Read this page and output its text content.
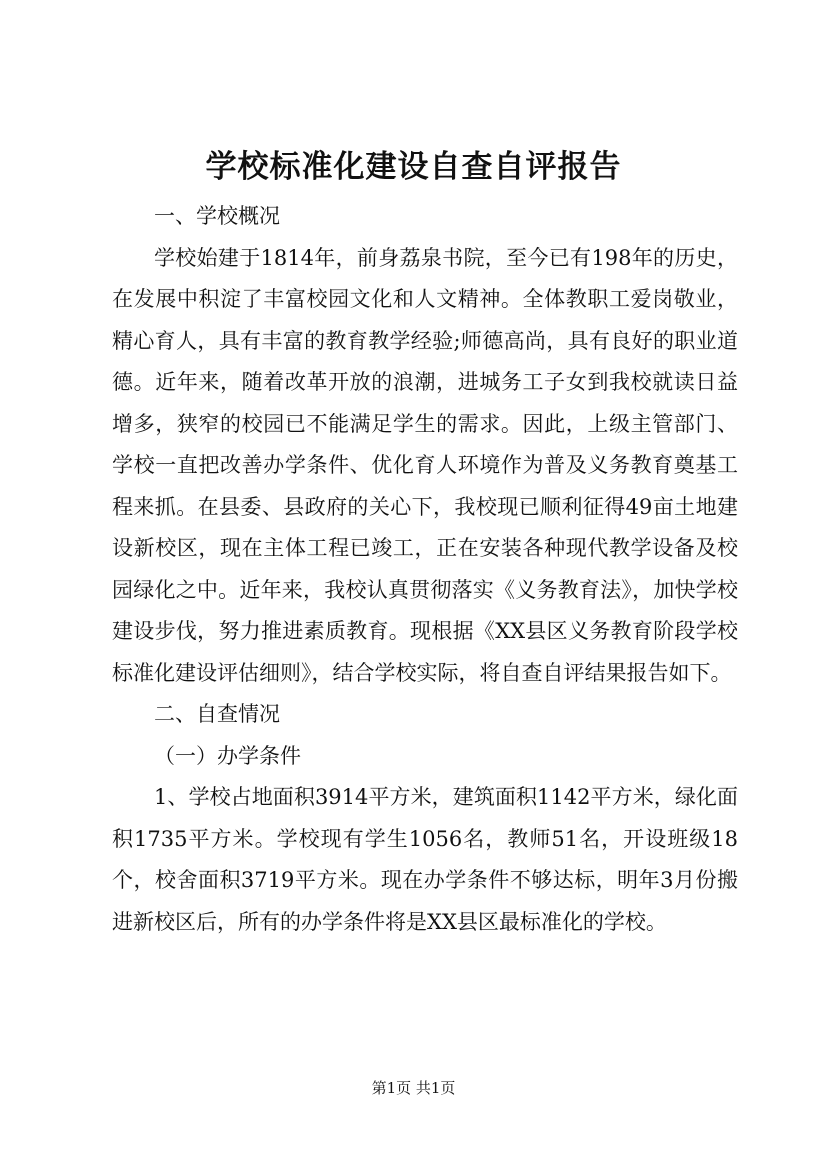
学校标准化建设自查自评报告

一、学校概况

学校始建于1814年，前身荔泉书院，至今已有198年的历史，在发展中积淀了丰富校园文化和人文精神。全体教职工爱岗敬业，精心育人，具有丰富的教育教学经验;师德高尚，具有良好的职业道德。近年来，随着改革开放的浪潮，进城务工子女到我校就读日益增多，狭窄的校园已不能满足学生的需求。因此，上级主管部门、学校一直把改善办学条件、优化育人环境作为普及义务教育奠基工程来抓。在县委、县政府的关心下，我校现已顺利征得49亩土地建设新校区，现在主体工程已竣工，正在安装各种现代教学设备及校园绿化之中。近年来，我校认真贯彻落实《义务教育法》，加快学校建设步伐，努力推进素质教育。现根据《XX县区义务教育阶段学校标准化建设评估细则》，结合学校实际，将自查自评结果报告如下。

二、自查情况

（一）办学条件

1、学校占地面积3914平方米，建筑面积1142平方米，绿化面积1735平方米。学校现有学生1056名，教师51名，开设班级18个，校舍面积3719平方米。现在办学条件不够达标，明年3月份搬进新校区后，所有的办学条件将是XX县区最标准化的学校。

第1页 共1页
